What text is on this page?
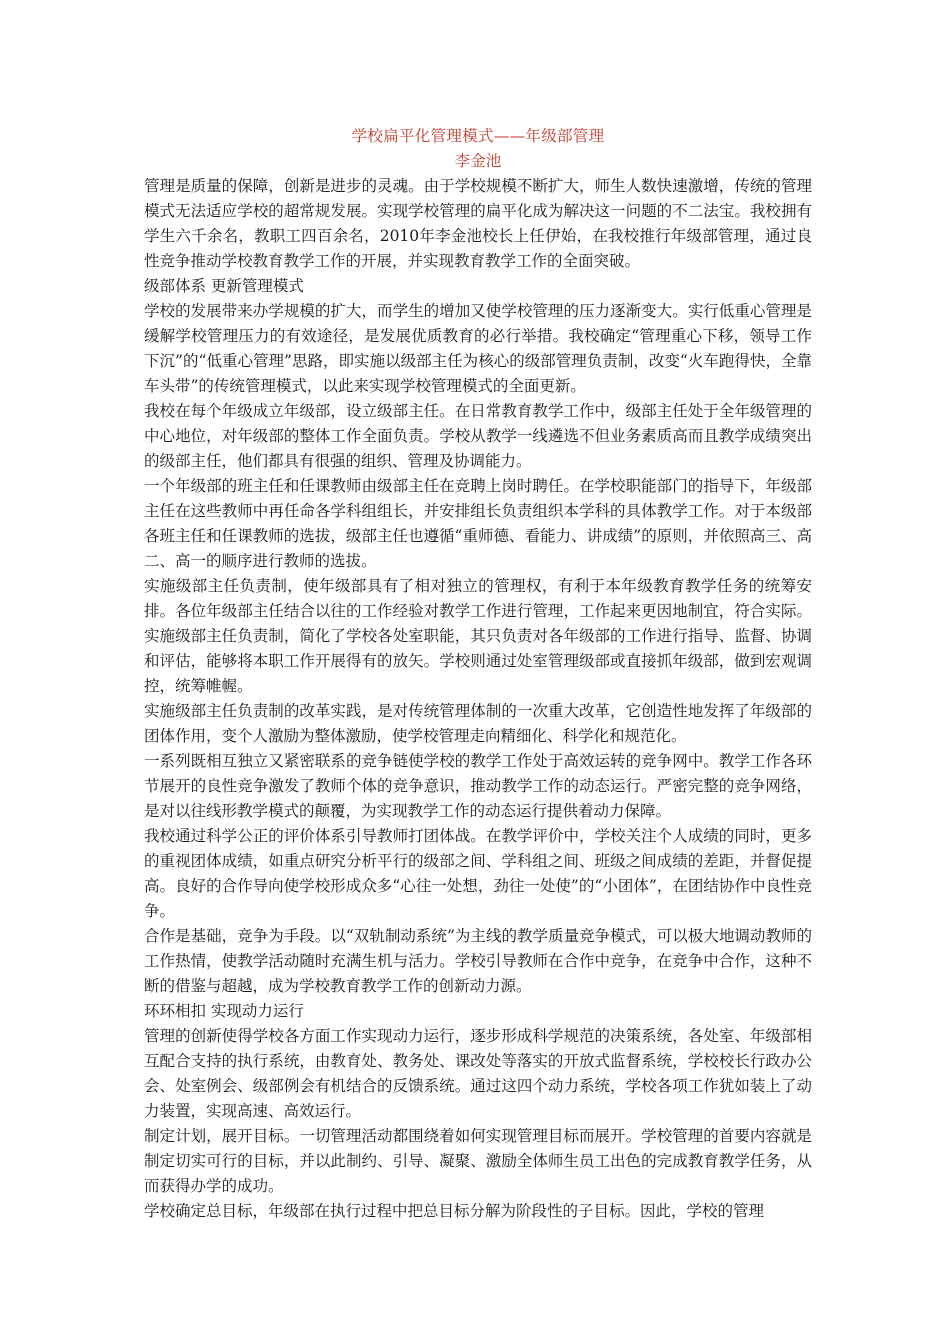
学校扁平化管理模式——年级部管理
李金池

管理是质量的保障，创新是进步的灵魂。由于学校规模不断扩大，师生人数快速激增，传统的管理模式无法适应学校的超常规发展。实现学校管理的扁平化成为解决这一问题的不二法宝。我校拥有学生六千余名，教职工四百余名，2010年李金池校长上任伊始，在我校推行年级部管理，通过良性竞争推动学校教育教学工作的开展，并实现教育教学工作的全面突破。

级部体系 更新管理模式

学校的发展带来办学规模的扩大，而学生的增加又使学校管理的压力逐渐变大。实行低重心管理是缓解学校管理压力的有效途径，是发展优质教育的必行举措。我校确定“管理重心下移，领导工作下沉”的“低重心管理”思路，即实施以级部主任为核心的级部管理负责制，改变“火车跑得快，全靠车头带”的传统管理模式，以此来实现学校管理模式的全面更新。

我校在每个年级成立年级部，设立级部主任。在日常教育教学工作中，级部主任处于全年级管理的中心地位，对年级部的整体工作全面负责。学校从教学一线遴选不但业务素质高而且教学成绩突出的级部主任，他们都具有很强的组织、管理及协调能力。

一个年级部的班主任和任课教师由级部主任在竞聘上岗时聘任。在学校职能部门的指导下，年级部主任在这些教师中再任命各学科组组长，并安排组长负责组织本学科的具体教学工作。对于本级部各班主任和任课教师的选拔，级部主任也遵循“重师德、看能力、讲成绩”的原则，并依照高三、高二、高一的顺序进行教师的选拔。

实施级部主任负责制，使年级部具有了相对独立的管理权，有利于本年级教育教学任务的统筹安排。各位年级部主任结合以往的工作经验对教学工作进行管理，工作起来更因地制宜，符合实际。实施级部主任负责制，简化了学校各处室职能，其只负责对各年级部的工作进行指导、监督、协调和评估，能够将本职工作开展得有的放矢。学校则通过处室管理级部或直接抓年级部，做到宏观调控，统筹帷幄。

实施级部主任负责制的改革实践，是对传统管理体制的一次重大改革，它创造性地发挥了年级部的团体作用，变个人激励为整体激励，使学校管理走向精细化、科学化和规范化。

一系列既相互独立又紧密联系的竞争链使学校的教学工作处于高效运转的竞争网中。教学工作各环节展开的良性竞争激发了教师个体的竞争意识，推动教学工作的动态运行。严密完整的竞争网络，是对以往线形教学模式的颠覆，为实现教学工作的动态运行提供着动力保障。

我校通过科学公正的评价体系引导教师打团体战。在教学评价中，学校关注个人成绩的同时，更多的重视团体成绩，如重点研究分析平行的级部之间、学科组之间、班级之间成绩的差距，并督促提高。良好的合作导向使学校形成众多“心往一处想，劲往一处使”的“小团体”，在团结协作中良性竞争。

合作是基础，竞争为手段。以“双轨制动系统”为主线的教学质量竞争模式，可以极大地调动教师的工作热情，使教学活动随时充满生机与活力。学校引导教师在合作中竞争，在竞争中合作，这种不断的借鉴与超越，成为学校教育教学工作的创新动力源。

环环相扣 实现动力运行

管理的创新使得学校各方面工作实现动力运行，逐步形成科学规范的决策系统，各处室、年级部相互配合支持的执行系统，由教育处、教务处、课改处等落实的开放式监督系统，学校校长行政办公会、处室例会、级部例会有机结合的反馈系统。通过这四个动力系统，学校各项工作犹如装上了动力装置，实现高速、高效运行。

制定计划，展开目标。一切管理活动都围绕着如何实现管理目标而展开。学校管理的首要内容就是制定切实可行的目标，并以此制约、引导、凝聚、激励全体师生员工出色的完成教育教学任务，从而获得办学的成功。

学校确定总目标，年级部在执行过程中把总目标分解为阶段性的子目标。因此，学校的管理
